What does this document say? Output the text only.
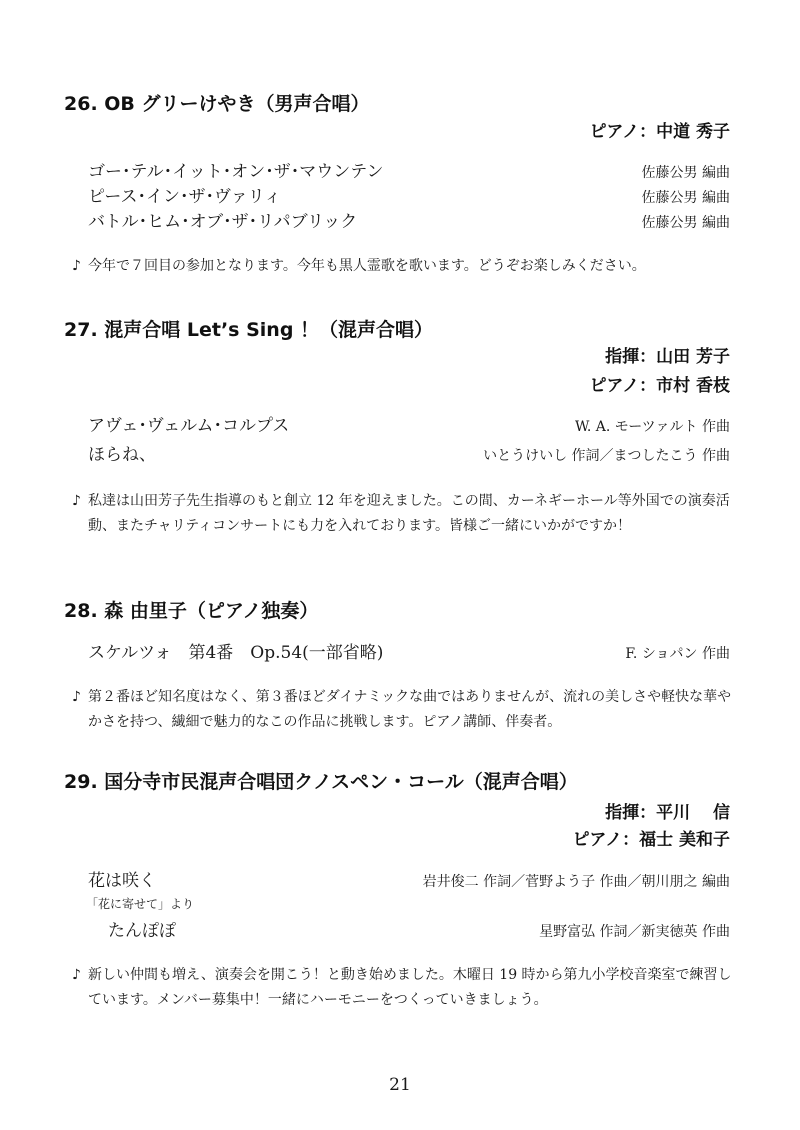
26. OB グリーけやき（男声合唱）
ピアノ：中道 秀子
ゴー･テル･イット･オン･ザ･マウンテン	佐藤公男 編曲
ピース･イン･ザ･ヴァリィ	佐藤公男 編曲
バトル･ヒム･オブ･ザ･リパブリック	佐藤公男 編曲
♪ 今年で７回目の参加となります。今年も黒人霊歌を歌います。どうぞお楽しみください。
27. 混声合唱 Let’s Sing ！（混声合唱）
指揮：山田 芳子
ピアノ：市村 香枝
アヴェ･ヴェルム･コルプス	W. A. モーツァルト 作曲
ほらね、	いとうけいし 作詞／まつしたこう 作曲
♪ 私達は山田芳子先生指導のもと創立 12 年を迎えました。この間、カーネギーホール等外国での演奏活動、またチャリティコンサートにも力を入れております。皆様ご一緒にいかがですか！
28. 森 由里子（ピアノ独奏）
スケルツォ　第4番　Op.54(一部省略)	F. ショパン 作曲
♪ 第２番ほど知名度はなく、第３番ほどダイナミックな曲ではありませんが、流れの美しさや軽快な華やかさを持つ、繊細で魅力的なこの作品に挑戦します。ピアノ講師、伴奏者。
29. 国分寺市民混声合唱団クノスペン・コール（混声合唱）
指揮：平川　 信
ピアノ：福士 美和子
花は咲く	岩井俊二 作詞／菅野よう子 作曲／朝川朋之 編曲
「花に寄せて」より
たんぽぽ	星野富弘 作詞／新実徳英 作曲
♪ 新しい仲間も増え、演奏会を開こう！と動き始めました。木曜日 19 時から第九小学校音楽室で練習しています。メンバー募集中！一緒にハーモニーをつくっていきましょう。
21
